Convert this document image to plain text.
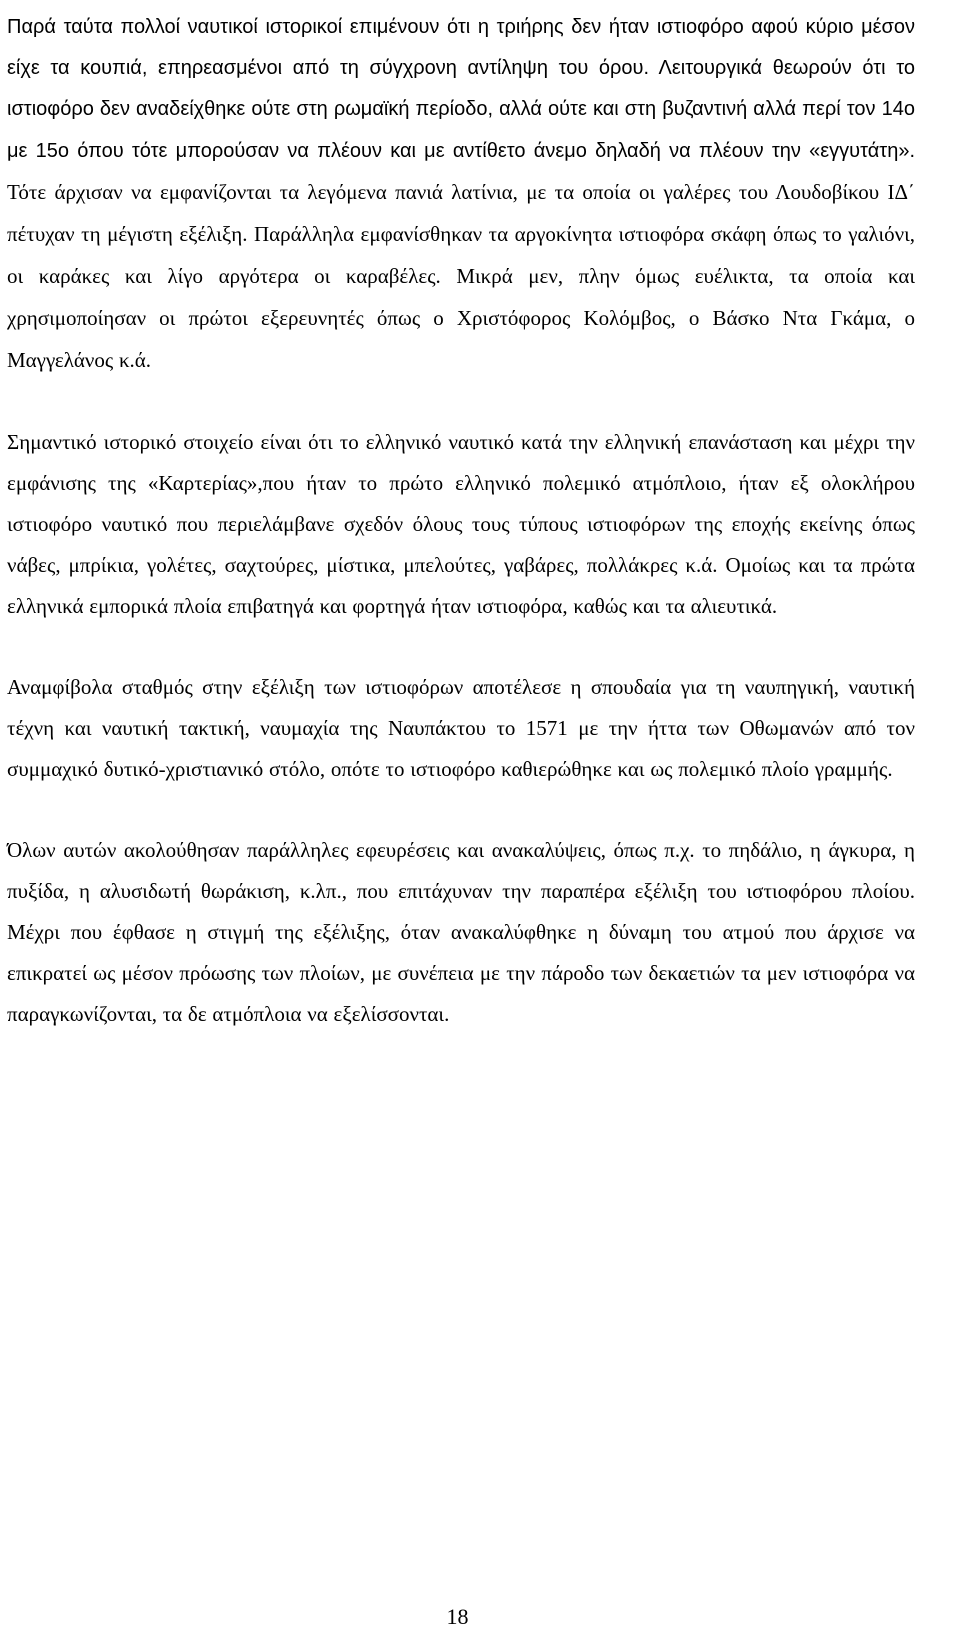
Παρά ταύτα πολλοί ναυτικοί ιστορικοί επιμένουν ότι η τριήρης δεν ήταν ιστιοφόρο αφού κύριο μέσον είχε τα κουπιά, επηρεασμένοι από τη σύγχρονη αντίληψη του όρου. Λειτουργικά θεωρούν ότι το ιστιοφόρο δεν αναδείχθηκε ούτε στη ρωμαϊκή περίοδο, αλλά ούτε και στη βυζαντινή αλλά περί τον 14ο με 15ο όπου τότε μπορούσαν να πλέουν και με αντίθετο άνεμο δηλαδή να πλέουν την «εγγυτάτη». Τότε άρχισαν να εμφανίζονται τα λεγόμενα πανιά λατίνια, με τα οποία οι γαλέρες του Λουδοβίκου ΙΔ΄ πέτυχαν τη μέγιστη εξέλιξη. Παράλληλα εμφανίσθηκαν τα αργοκίνητα ιστιοφόρα σκάφη όπως το γαλιόνι, οι καράκες και λίγο αργότερα οι καραβέλες. Μικρά μεν, πλην όμως ευέλικτα, τα οποία και χρησιμοποίησαν οι πρώτοι εξερευνητές όπως ο Χριστόφορος Κολόμβος, ο Βάσκο Ντα Γκάμα, ο Μαγγελάνος κ.ά.

Σημαντικό ιστορικό στοιχείο είναι ότι το ελληνικό ναυτικό κατά την ελληνική επανάσταση και μέχρι την εμφάνισης της «Καρτερίας»,που ήταν το πρώτο ελληνικό πολεμικό ατμόπλοιο, ήταν εξ ολοκλήρου ιστιοφόρο ναυτικό που περιελάμβανε σχεδόν όλους τους τύπους ιστιοφόρων της εποχής εκείνης όπως νάβες, μπρίκια, γολέτες, σαχτούρες, μίστικα, μπελούτες, γαβάρες, πολλάκρες κ.ά. Ομοίως και τα πρώτα ελληνικά εμπορικά πλοία επιβατηγά και φορτηγά ήταν ιστιοφόρα, καθώς και τα αλιευτικά.

Αναμφίβολα σταθμός στην εξέλιξη των ιστιοφόρων αποτέλεσε η σπουδαία για τη ναυπηγική, ναυτική τέχνη και ναυτική τακτική, ναυμαχία της Ναυπάκτου το 1571 με την ήττα των Οθωμανών από τον συμμαχικό δυτικό-χριστιανικό στόλο, οπότε το ιστιοφόρο καθιερώθηκε και ως πολεμικό πλοίο γραμμής.

Όλων αυτών ακολούθησαν παράλληλες εφευρέσεις και ανακαλύψεις, όπως π.χ. το πηδάλιο, η άγκυρα, η πυξίδα, η αλυσιδωτή θωράκιση, κ.λπ., που επιτάχυναν την παραπέρα εξέλιξη του ιστιοφόρου πλοίου. Μέχρι που έφθασε η στιγμή της εξέλιξης, όταν ανακαλύφθηκε η δύναμη του ατμού που άρχισε να επικρατεί ως μέσον πρόωσης των πλοίων, με συνέπεια με την πάροδο των δεκαετιών τα μεν ιστιοφόρα να παραγκωνίζονται, τα δε ατμόπλοια να εξελίσσονται.

18
